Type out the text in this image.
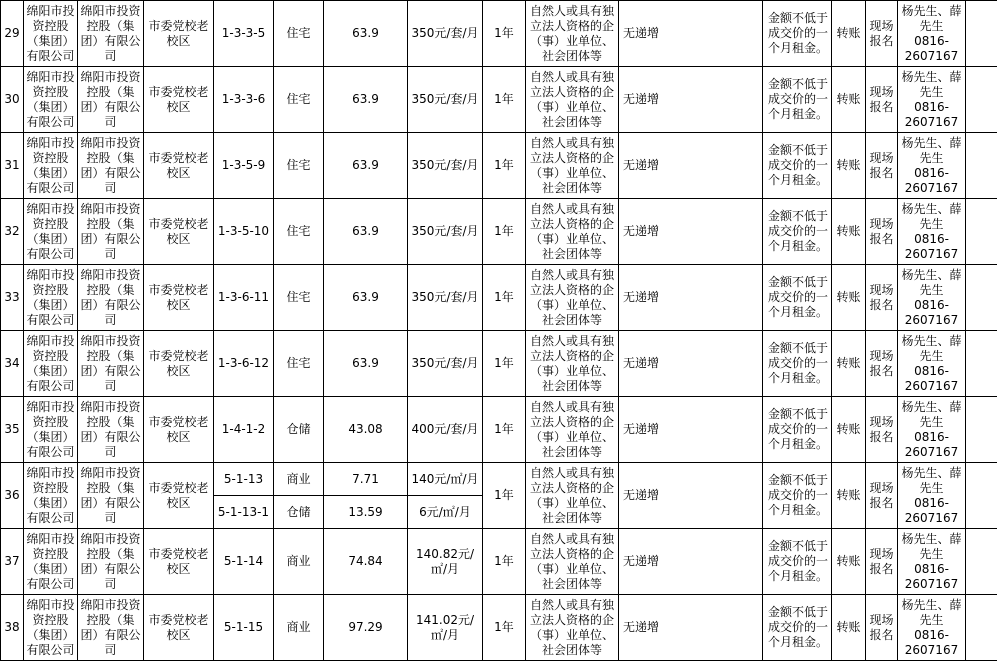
29	绵阳市投资控股（集团）有限公司	绵阳市投资控股（集团）有限公司	市委党校老校区	1-3-3-5	住宅	63.9	350元/套/月	1年	自然人或具有独立法人资格的企（事）业单位、社会团体等	无递增	金额不低于成交价的一个月租金。	转账	现场报名	杨先生、薛先生
0816-2607167	

30	绵阳市投资控股（集团）有限公司	绵阳市投资控股（集团）有限公司	市委党校老校区	1-3-3-6	住宅	63.9	350元/套/月	1年	自然人或具有独立法人资格的企（事）业单位、社会团体等	无递增	金额不低于成交价的一个月租金。	转账	现场报名	杨先生、薛先生
0816-2607167	

31	绵阳市投资控股（集团）有限公司	绵阳市投资控股（集团）有限公司	市委党校老校区	1-3-5-9	住宅	63.9	350元/套/月	1年	自然人或具有独立法人资格的企（事）业单位、社会团体等	无递增	金额不低于成交价的一个月租金。	转账	现场报名	杨先生、薛先生
0816-2607167	

32	绵阳市投资控股（集团）有限公司	绵阳市投资控股（集团）有限公司	市委党校老校区	1-3-5-10	住宅	63.9	350元/套/月	1年	自然人或具有独立法人资格的企（事）业单位、社会团体等	无递增	金额不低于成交价的一个月租金。	转账	现场报名	杨先生、薛先生
0816-2607167	

33	绵阳市投资控股（集团）有限公司	绵阳市投资控股（集团）有限公司	市委党校老校区	1-3-6-11	住宅	63.9	350元/套/月	1年	自然人或具有独立法人资格的企（事）业单位、社会团体等	无递增	金额不低于成交价的一个月租金。	转账	现场报名	杨先生、薛先生
0816-2607167	

34	绵阳市投资控股（集团）有限公司	绵阳市投资控股（集团）有限公司	市委党校老校区	1-3-6-12	住宅	63.9	350元/套/月	1年	自然人或具有独立法人资格的企（事）业单位、社会团体等	无递增	金额不低于成交价的一个月租金。	转账	现场报名	杨先生、薛先生
0816-2607167	

35	绵阳市投资控股（集团）有限公司	绵阳市投资控股（集团）有限公司	市委党校老校区	1-4-1-2	仓储	43.08	400元/套/月	1年	自然人或具有独立法人资格的企（事）业单位、社会团体等	无递增	金额不低于成交价的一个月租金。	转账	现场报名	杨先生、薛先生
0816-2607167	

36	绵阳市投资控股（集团）有限公司	绵阳市投资控股（集团）有限公司	市委党校老校区	5-1-13	商业	7.71	140元/㎡/月	1年	自然人或具有独立法人资格的企（事）业单位、社会团体等	无递增	金额不低于成交价的一个月租金。	转账	现场报名	杨先生、薛先生
0816-2607167	

				5-1-13-1	仓储	13.59	6元/㎡/月								
37	绵阳市投资控股（集团）有限公司	绵阳市投资控股（集团）有限公司	市委党校老校区	5-1-14	商业	74.84	140.82元/㎡/月	1年	自然人或具有独立法人资格的企（事）业单位、社会团体等	无递增	金额不低于成交价的一个月租金。	转账	现场报名	杨先生、薛先生
0816-2607167	

38	绵阳市投资控股（集团）有限公司	绵阳市投资控股（集团）有限公司	市委党校老校区	5-1-15	商业	97.29	141.02元/㎡/月	1年	自然人或具有独立法人资格的企（事）业单位、社会团体等	无递增	金额不低于成交价的一个月租金。	转账	现场报名	杨先生、薛先生
0816-2607167	
